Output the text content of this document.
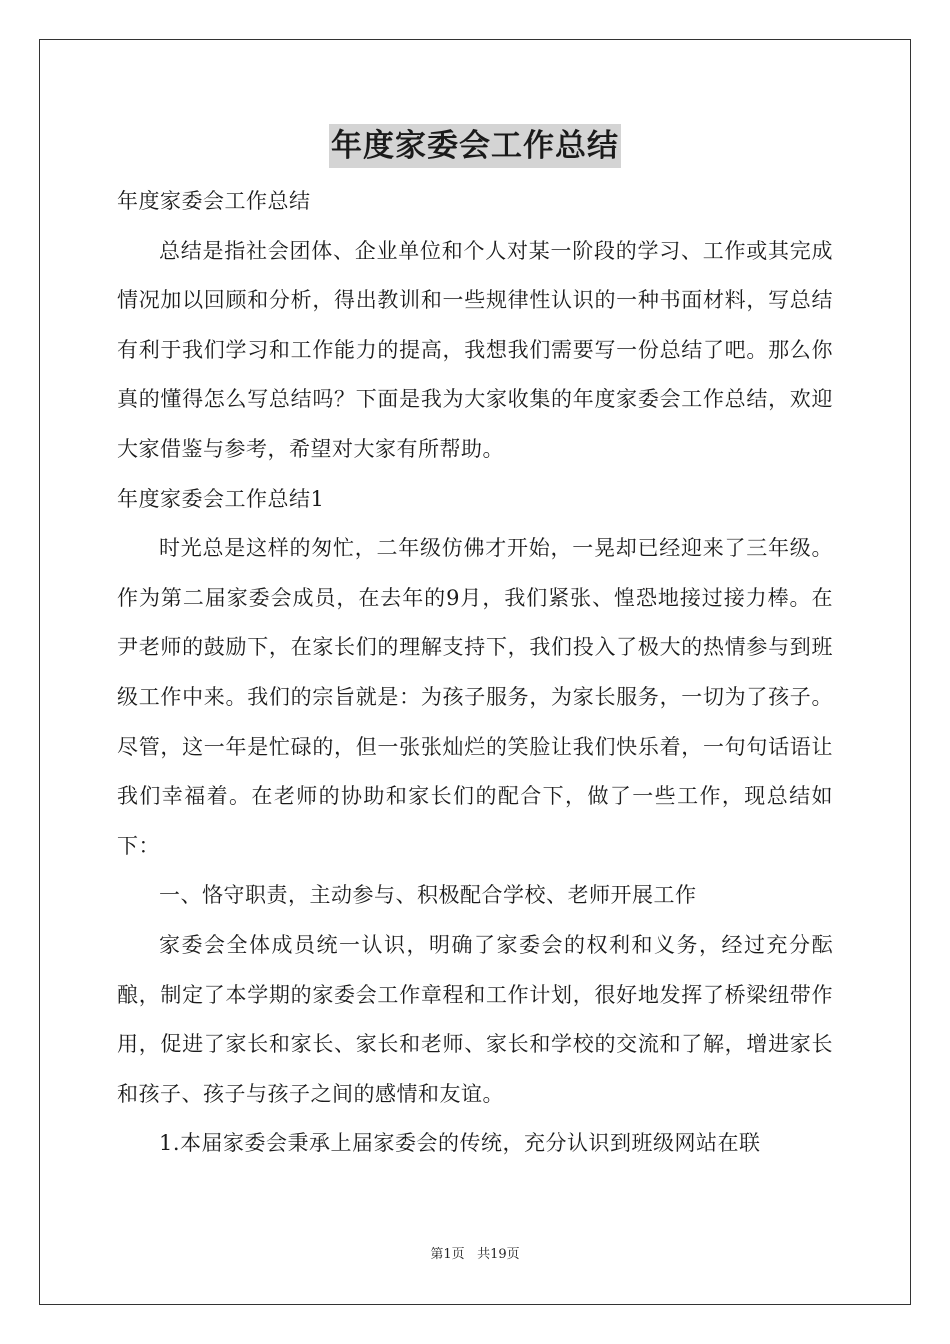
年度家委会工作总结

年度家委会工作总结

总结是指社会团体、企业单位和个人对某一阶段的学习、工作或其完成情况加以回顾和分析，得出教训和一些规律性认识的一种书面材料，写总结有利于我们学习和工作能力的提高，我想我们需要写一份总结了吧。那么你真的懂得怎么写总结吗？下面是我为大家收集的年度家委会工作总结，欢迎大家借鉴与参考，希望对大家有所帮助。

年度家委会工作总结1

时光总是这样的匆忙，二年级仿佛才开始，一晃却已经迎来了三年级。作为第二届家委会成员，在去年的9月，我们紧张、惶恐地接过接力棒。在尹老师的鼓励下，在家长们的理解支持下，我们投入了极大的热情参与到班级工作中来。我们的宗旨就是：为孩子服务，为家长服务，一切为了孩子。尽管，这一年是忙碌的，但一张张灿烂的笑脸让我们快乐着，一句句话语让我们幸福着。在老师的协助和家长们的配合下，做了一些工作，现总结如下：

一、恪守职责，主动参与、积极配合学校、老师开展工作

家委会全体成员统一认识，明确了家委会的权利和义务，经过充分酝酿，制定了本学期的家委会工作章程和工作计划，很好地发挥了桥梁纽带作用，促进了家长和家长、家长和老师、家长和学校的交流和了解，增进家长和孩子、孩子与孩子之间的感情和友谊。

1.本届家委会秉承上届家委会的传统，充分认识到班级网站在联

第1页 共19页
